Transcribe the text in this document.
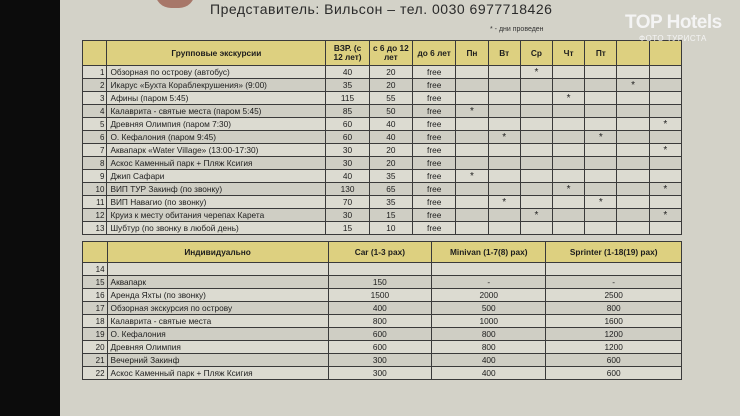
Представитель: Вильсон – тел. 0030 6977718426
* - дни проведен
	Групповые экскурсии	ВЗР. (с 12 лет)	с 6 до 12 лет	до 6 лет	Пн	Вт	Ср	Чт	Пт		
1	Обзорная по острову (автобус)	40	20	free			*				
2	Икарус «Бухта Кораблекрушения» (9:00)	35	20	free						*	
3	Афины (паром 5:45)	115	55	free				*			
4	Калаврита - святые места (паром 5:45)	85	50	free	*						
5	Древняя Олимпия (паром 7:30)	60	40	free							*
6	О. Кефалония (паром 9:45)	60	40	free		*			*		
7	Аквапарк «Water Village» (13:00-17:30)	30	20	free							*
8	Аскос Каменный парк + Пляж Ксигия	30	20	free							
9	Джип Сафари	40	35	free	*						
10	ВИП ТУР Закинф (по звонку)	130	65	free				*			*
11	ВИП Навагио (по звонку)	70	35	free		*			*		
12	Круиз к месту обитания черепах Карета	30	15	free			*				*
13	Шубтур (по звонку в любой день)	15	10	free							
	Индивидуально	Car (1-3 pax)	Minivan (1-7(8) pax)	Sprinter (1-18(19) pax)
14				
15	Аквапарк	150	-	-
16	Аренда Яхты (по звонку)	1500	2000	2500
17	Обзорная экскурсия по острову	400	500	800
18	Калаврита - святые места	800	1000	1600
19	О. Кефалония	600	800	1200
20	Древняя Олимпия	600	800	1200
21	Вечерний Закинф	300	400	600
22	Аскос Каменный парк + Пляж Ксигия	300	400	600
TOP Hotels
ФОТО ТУРИСТА
